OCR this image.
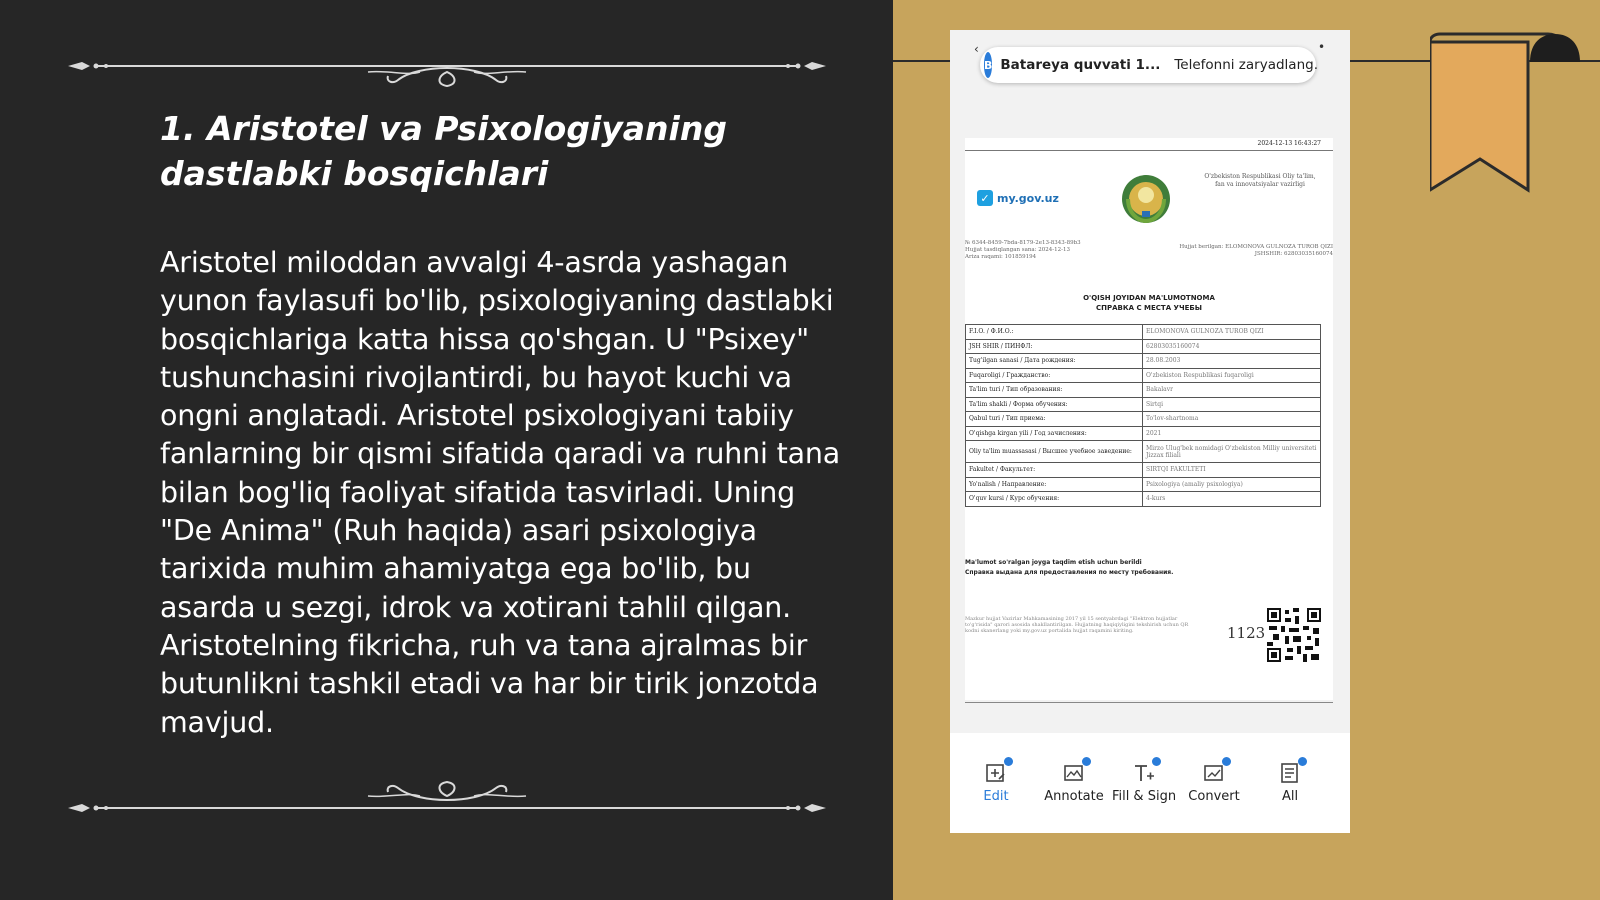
1. Aristotel va Psixologiyaning
dastlabki bosqichlari
Aristotel miloddan avvalgi 4-asrda yashagan yunon faylasufi bo'lib, psixologiyaning dastlabki bosqichlariga katta hissa qo'shgan. U "Psixey" tushunchasini rivojlantirdi, bu hayot kuchi va ongni anglatadi. Aristotel psixologiyani tabiiy fanlarning bir qismi sifatida qaradi va ruhni tana bilan bog'liq faoliyat sifatida tasvirladi. Uning "De Anima" (Ruh haqida) asari psixologiya tarixida muhim ahamiyatga ega bo'lib, bu asarda u sezgi, idrok va xotirani tahlil qilgan. Aristotelning fikricha, ruh va tana ajralmas bir butunlikni tashkil etadi va har bir tirik jonzotda mavjud.
‹	•
B Batareya quvvati 1... Telefonni zaryadlang.
2024-12-13 16:43:27
✓ my.gov.uz
O'zbekiston Respublikasi Oliy ta'lim, fan va innovatsiyalar vazirligi
№ 6344-8459-7bda-8179-2e13-8343-89b3
Hujjat tasdiqlangan sana: 2024-12-13
Ariza raqami: 101859194
Hujjat berilgan: ELOMONOVA GULNOZA TUROB QIZI
JSHSHIR: 62803035160074
O'QISH JOYIDAN MA'LUMOTNOMA
СПРАВКА С МЕСТА УЧЕБЫ
F.I.O. / Ф.И.О.:	ELOMONOVA GULNOZA TUROB QIZI
JSH SHIR / ПИНФЛ:	62803035160074
Tug'ilgan sanasi / Дата рождения:	28.08.2003
Fuqaroligi / Гражданство:	O'zbekiston Respublikasi fuqaroligi
Ta'lim turi / Тип образования:	Bakalavr
Ta'lim shakli / Форма обучения:	Sirtqi
Qabul turi / Тип приема:	To'lov-shartnoma
O'qishga kirgan yili / Год зачисления:	2021
Oliy ta'lim muassasasi / Высшее учебное заведение:	Mirzo Ulug'bek nomidagi O'zbekiston Milliy universiteti Jizzax filiali
Fakultet / Факультет:	SIRTQI FAKULTETI
Yo'nalish / Направление:	Psixologiya (amaliy psixologiya)
O'quv kursi / Курс обучения:	4-kurs
Ma'lumot so'ralgan joyga taqdim etish uchun berildi
Справка выдана для предоставления по месту требования.
Mazkur hujjat Vazirlar Mahkamasining 2017 yil 15 sentyabrdagi "Elektron hujjatlar to'g'risida" qarori asosida shakllantirilgan. Hujjatning haqiqiyligini tekshirish uchun QR kodni skanerlang yoki my.gov.uz portalida hujjat raqamini kiriting.	1123
Edit	Annotate Fill & Sign Convert	All
